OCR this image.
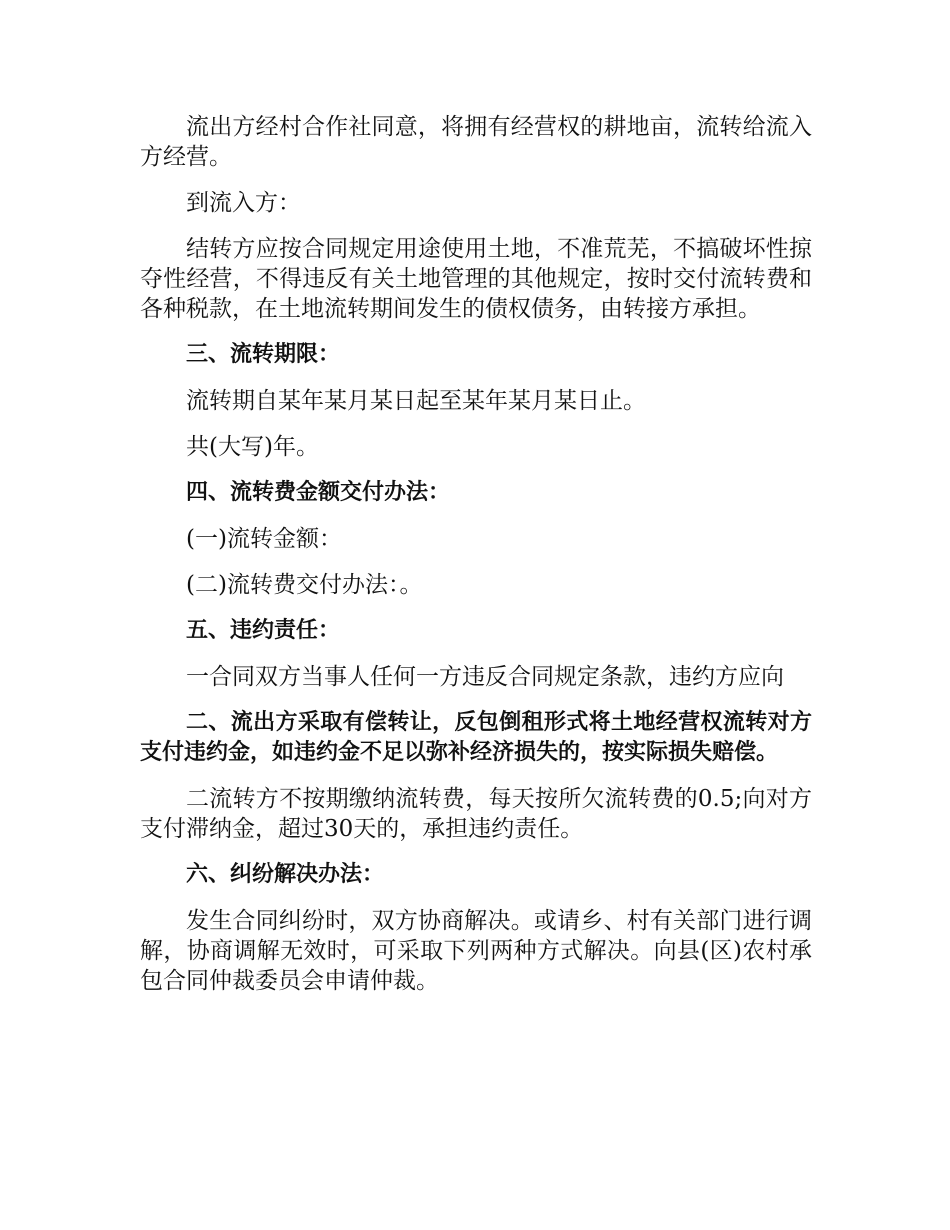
流出方经村合作社同意，将拥有经营权的耕地亩，流转给流入方经营。

到流入方：

结转方应按合同规定用途使用土地，不准荒芜，不搞破坏性掠夺性经营，不得违反有关土地管理的其他规定，按时交付流转费和各种税款，在土地流转期间发生的债权债务，由转接方承担。

三、流转期限：

流转期自某年某月某日起至某年某月某日止。

共(大写)年。

四、流转费金额交付办法：

(一)流转金额：

(二)流转费交付办法：。

五、违约责任：

一合同双方当事人任何一方违反合同规定条款，违约方应向

二、流出方采取有偿转让，反包倒租形式将土地经营权流转对方支付违约金，如违约金不足以弥补经济损失的，按实际损失赔偿。

二流转方不按期缴纳流转费，每天按所欠流转费的0.5;向对方支付滞纳金，超过30天的，承担违约责任。

六、纠纷解决办法：

发生合同纠纷时，双方协商解决。或请乡、村有关部门进行调解，协商调解无效时，可采取下列两种方式解决。向县(区)农村承包合同仲裁委员会申请仲裁。
